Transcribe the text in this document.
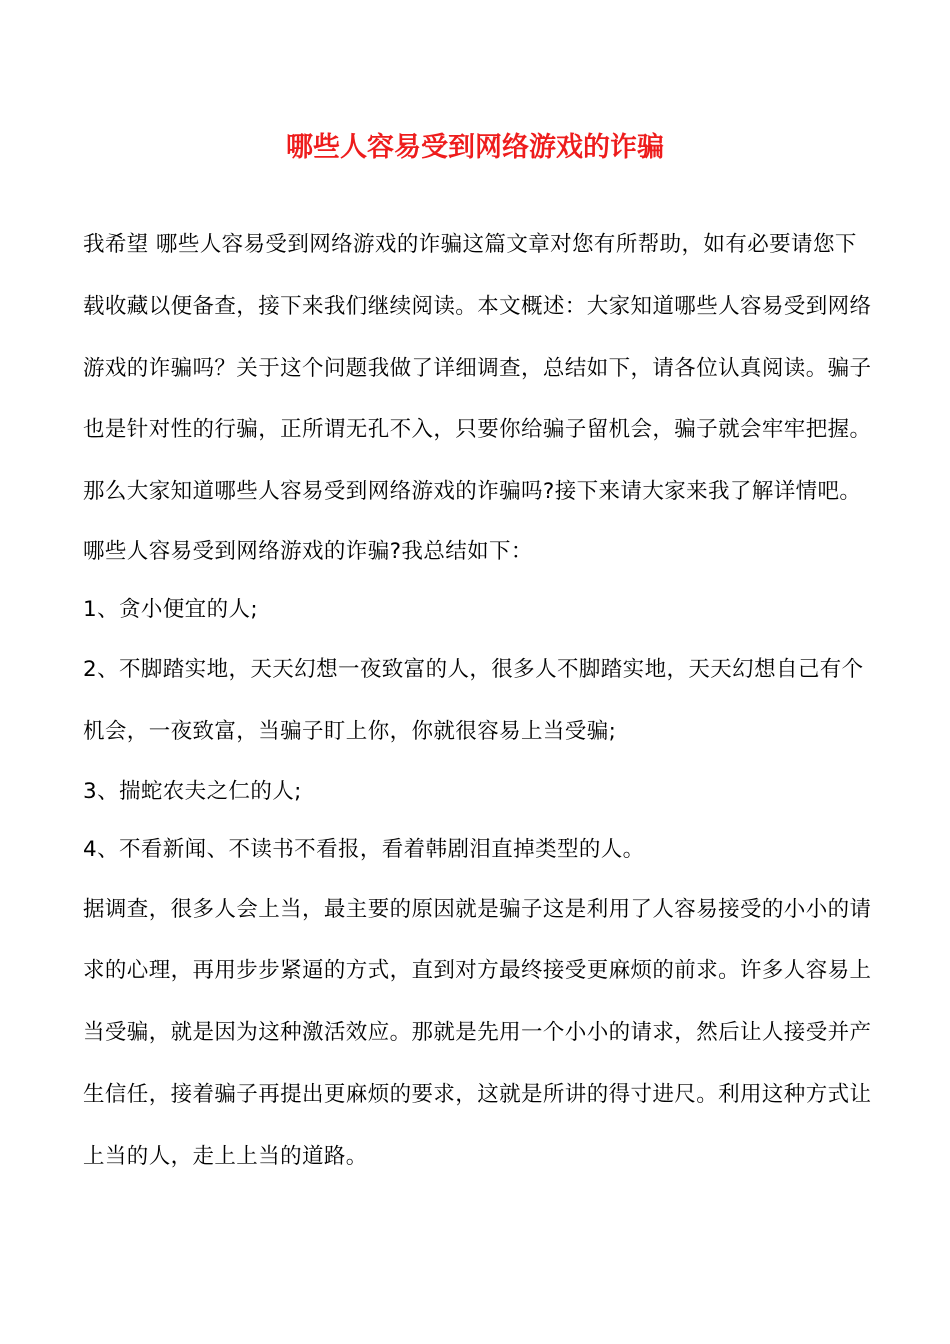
哪些人容易受到网络游戏的诈骗

我希望 哪些人容易受到网络游戏的诈骗这篇文章对您有所帮助，如有必要请您下载收藏以便备查，接下来我们继续阅读。本文概述：大家知道哪些人容易受到网络游戏的诈骗吗？关于这个问题我做了详细调查，总结如下，请各位认真阅读。骗子也是针对性的行骗，正所谓无孔不入，只要你给骗子留机会，骗子就会牢牢把握。那么大家知道哪些人容易受到网络游戏的诈骗吗?接下来请大家来我了解详情吧。

哪些人容易受到网络游戏的诈骗?我总结如下：

1、贪小便宜的人;

2、不脚踏实地，天天幻想一夜致富的人，很多人不脚踏实地，天天幻想自己有个机会，一夜致富，当骗子盯上你，你就很容易上当受骗;

3、揣蛇农夫之仁的人;

4、不看新闻、不读书不看报，看着韩剧泪直掉类型的人。

据调查，很多人会上当，最主要的原因就是骗子这是利用了人容易接受的小小的请求的心理，再用步步紧逼的方式，直到对方最终接受更麻烦的前求。许多人容易上当受骗，就是因为这种激活效应。那就是先用一个小小的请求，然后让人接受并产生信任，接着骗子再提出更麻烦的要求，这就是所讲的得寸进尺。利用这种方式让上当的人，走上上当的道路。
